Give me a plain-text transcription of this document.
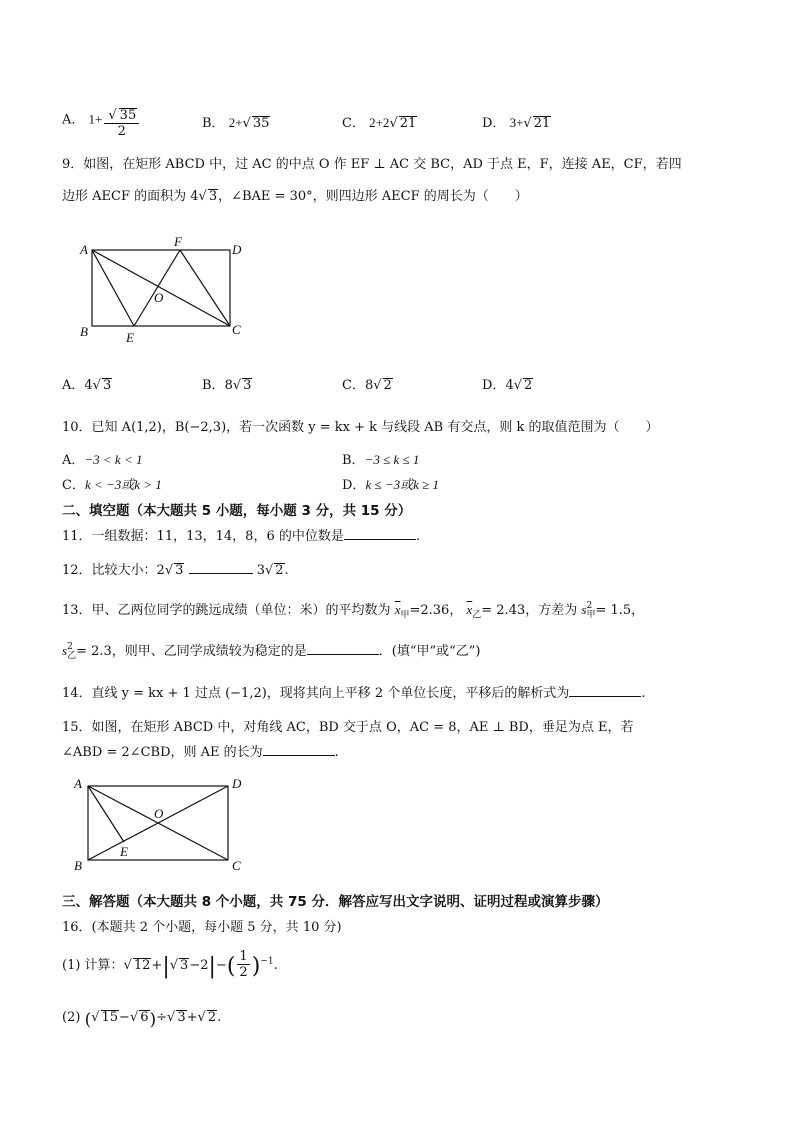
A． $1+ \frac{√ 35}{2}$	B． 2+√ 35	C． 2+2√ 21	D． 3+√ 21
9．如图，在矩形 ABCD 中，过 AC 的中点 O 作 EF ⊥ AC 交 BC，AD 于点 E，F，连接 AE，CF，若四
边形 AECF 的面积为 4√ 3，∠BAE = 30°，则四边形 AECF 的周长为（　　）
A
F
D
O
B	E
C
A．4√ 3	B．8√ 3	C．8√ 2	D．4√ 2
10．已知 A(1,2)，B(−2,3)，若一次函数 y = kx + k 与线段 AB 有交点，则 k 的取值范围为（　　）
A．−3 < k < 1	B．−3 ≤ k ≤ 1
C．k < −3或k > 1	D．k ≤ −3或k ≥ 1
二、填空题（本大题共 5 小题，每小题 3 分，共 15 分）
11．一组数据：11，13，14，8，6 的中位数是	.
12．比较大小：2√ 3	3√ 2.
13．甲、乙两位同学的跳远成绩（单位：米）的平均数为 $\overline{x}_甲=2.36$， $\overline{x}_乙= 2.43$，方差为 s 2
甲 = 1.5，
s 2
乙 = 2.3，则甲、乙同学成绩较为稳定的是	．(填“甲”或“乙”)
14．直线 y = kx + 1 过点 (−1,2)，现将其向上平移 2 个单位长度，平移后的解析式为	.
15．如图，在矩形 ABCD 中，对角线 AC，BD 交于点 O，AC = 8，AE ⊥ BD，垂足为点 E，若
∠ABD = 2∠CBD，则 AE 的长为	.
A	D
O
E
B	C
三、解答题（本大题共 8 个小题，共 75 分．解答应写出文字说明、证明过程或演算步骤）
16．(本题共 2 个小题，每小题 5 分，共 10 分)
(1) 计算：√ 12+|√ $3-2|-( \frac{1}{2} )^{-1}$.
(2) (√ 15−√ 6)÷√ 3+√ 2.
